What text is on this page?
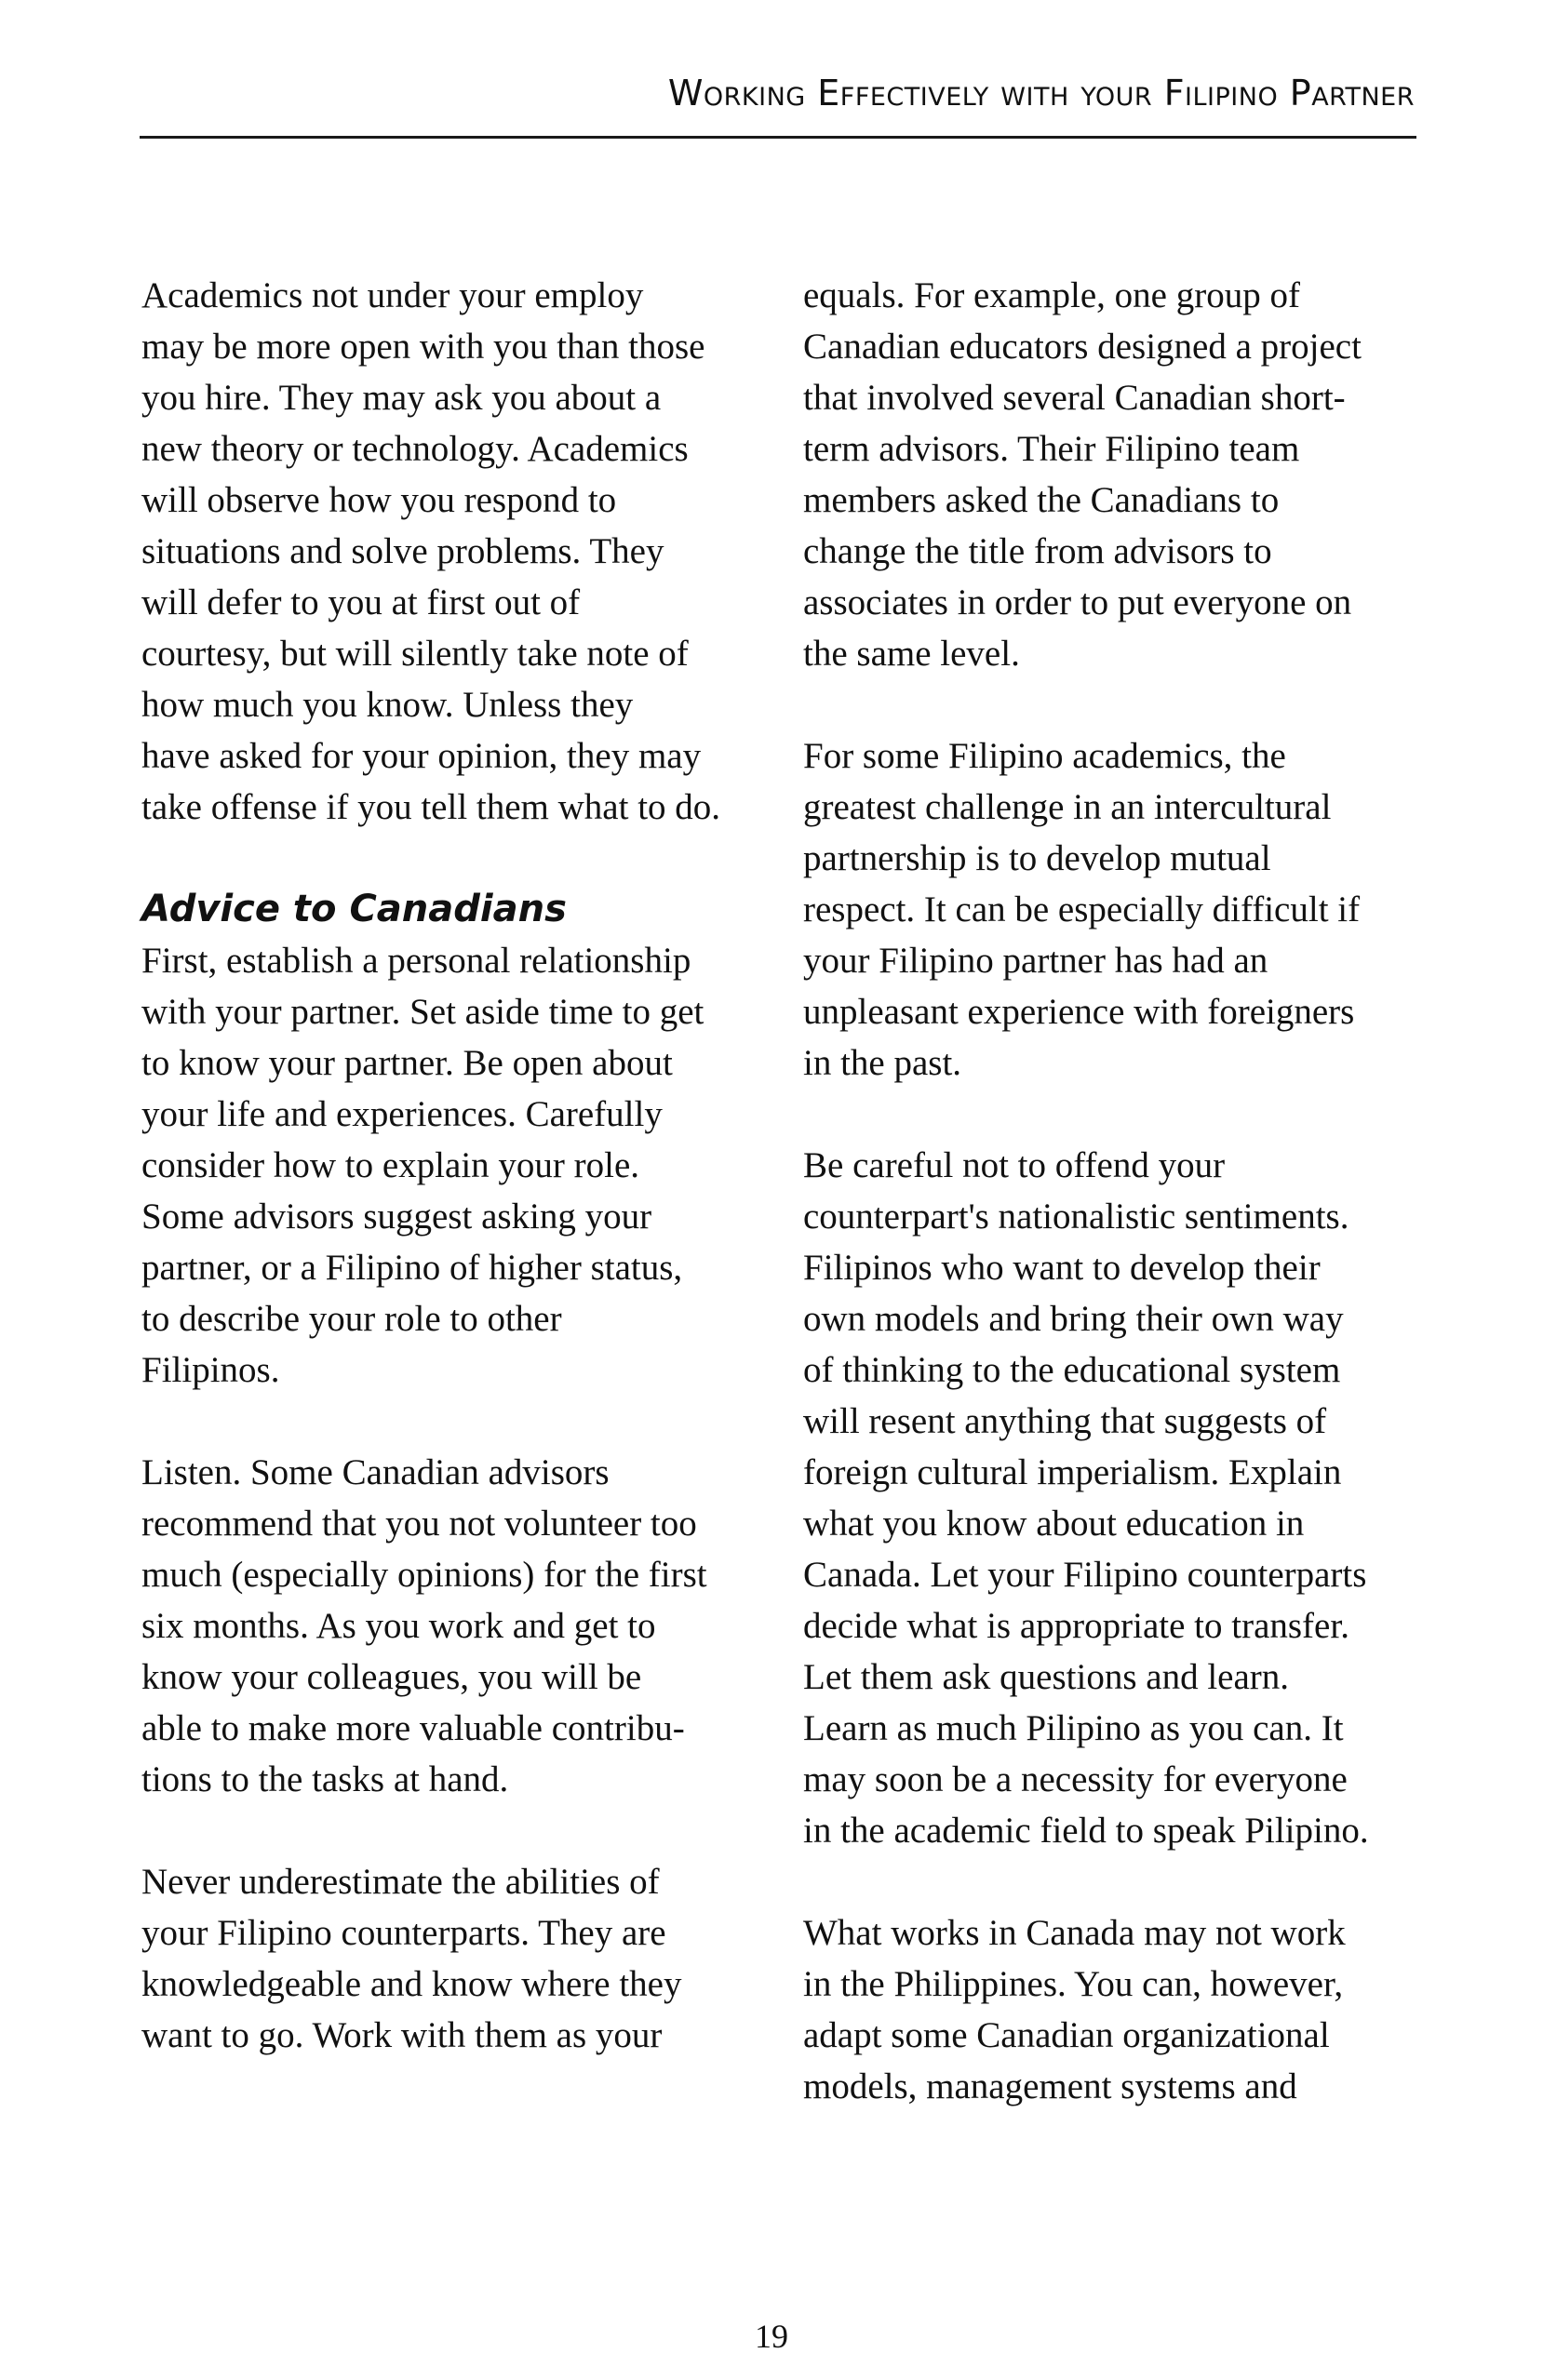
Working Effectively with your Filipino Partner

Academics not under your employ
may be more open with you than those
you hire. They may ask you about a
new theory or technology. Academics
will observe how you respond to
situations and solve problems. They
will defer to you at first out of
courtesy, but will silently take note of
how much you know. Unless they
have asked for your opinion, they may
take offense if you tell them what to do.

Advice to Canadians

First, establish a personal relationship
with your partner. Set aside time to get
to know your partner. Be open about
your life and experiences. Carefully
consider how to explain your role.
Some advisors suggest asking your
partner, or a Filipino of higher status,
to describe your role to other
Filipinos.

Listen. Some Canadian advisors
recommend that you not volunteer too
much (especially opinions) for the first
six months. As you work and get to
know your colleagues, you will be
able to make more valuable contribu-
tions to the tasks at hand.

Never underestimate the abilities of
your Filipino counterparts. They are
knowledgeable and know where they
want to go. Work with them as your

equals. For example, one group of
Canadian educators designed a project
that involved several Canadian short-
term advisors. Their Filipino team
members asked the Canadians to
change the title from advisors to
associates in order to put everyone on
the same level.

For some Filipino academics, the
greatest challenge in an intercultural
partnership is to develop mutual
respect. It can be especially difficult if
your Filipino partner has had an
unpleasant experience with foreigners
in the past.

Be careful not to offend your
counterpart's nationalistic sentiments.
Filipinos who want to develop their
own models and bring their own way
of thinking to the educational system
will resent anything that suggests of
foreign cultural imperialism. Explain
what you know about education in
Canada. Let your Filipino counterparts
decide what is appropriate to transfer.
Let them ask questions and learn.
Learn as much Pilipino as you can. It
may soon be a necessity for everyone
in the academic field to speak Pilipino.

What works in Canada may not work
in the Philippines. You can, however,
adapt some Canadian organizational
models, management systems and

19
